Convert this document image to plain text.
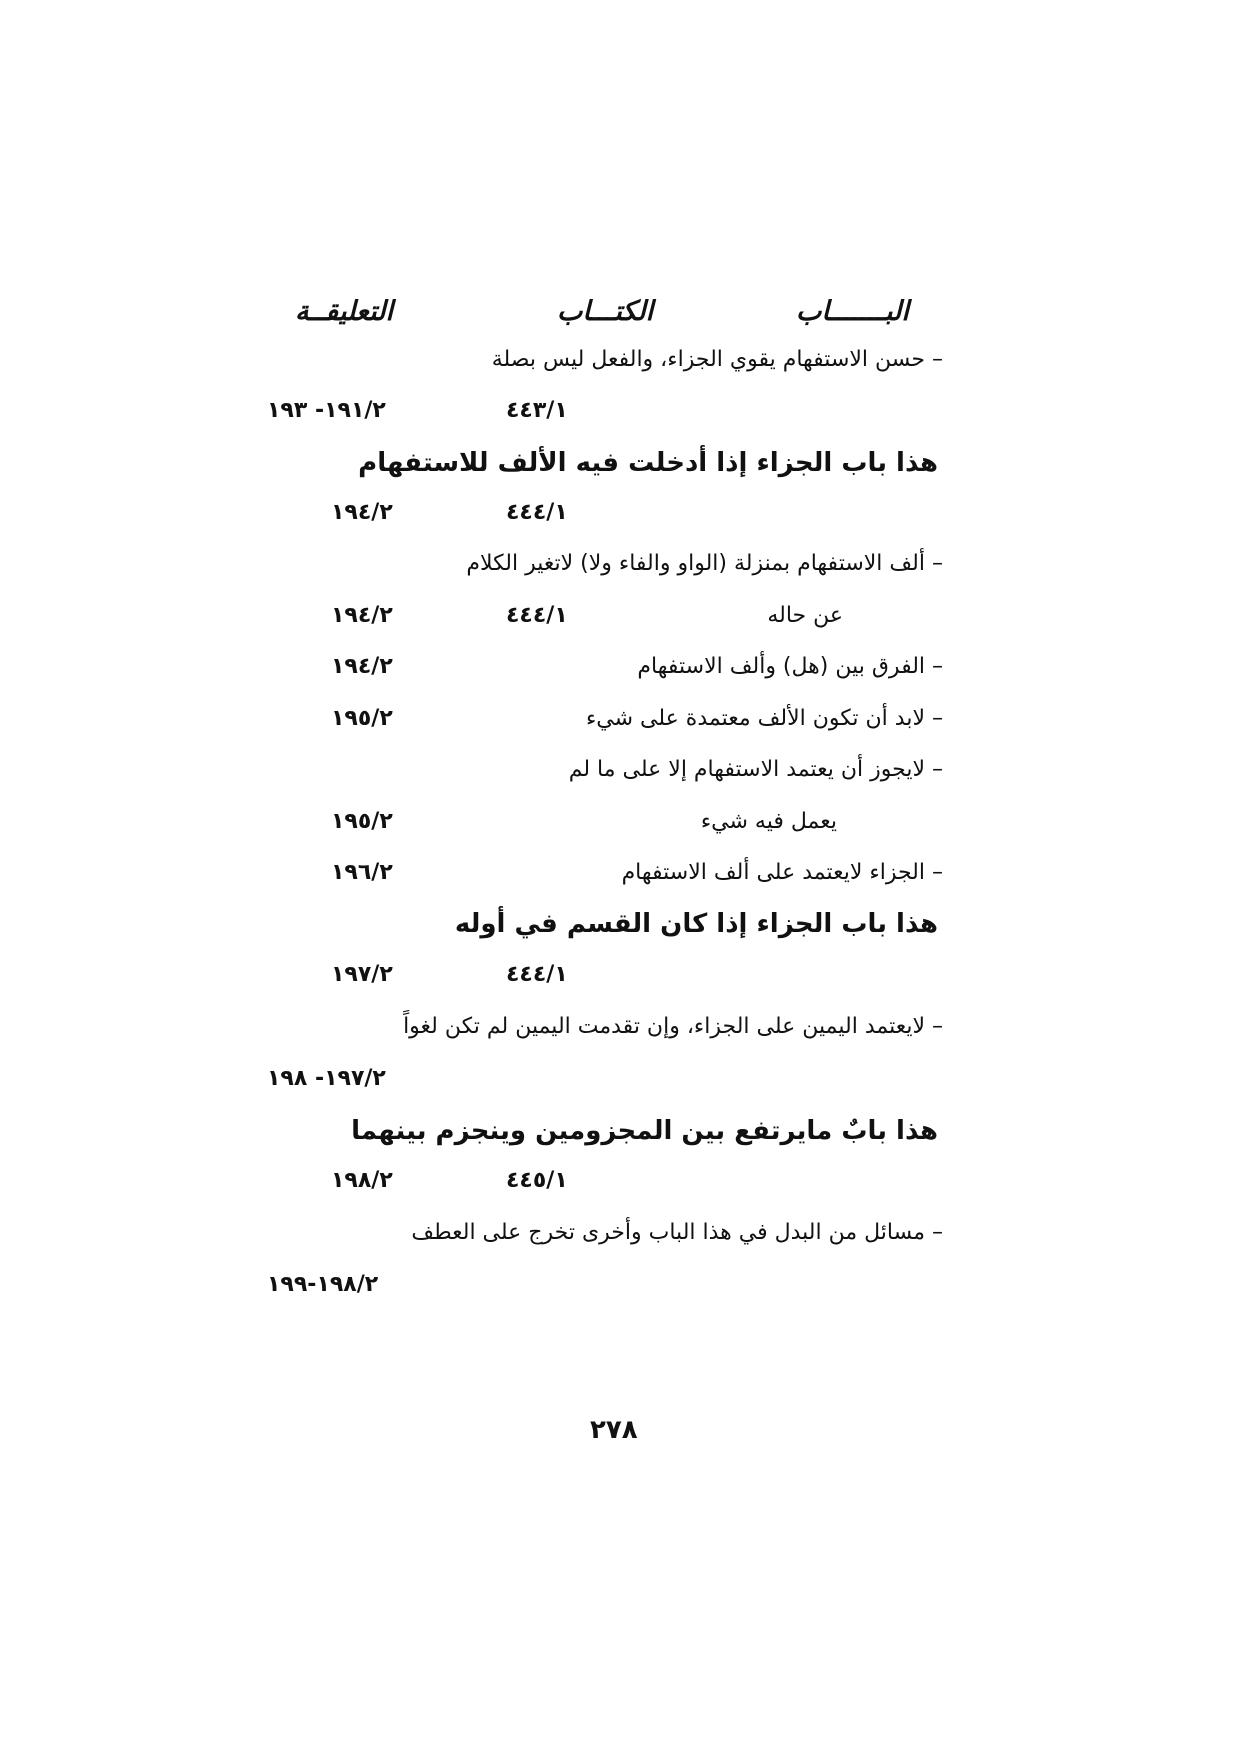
البـــــــاب
الكتـــاب
التعليقــة
– حسن الاستفهام يقوي الجزاء، والفعل ليس بصلة
٤٤٣/١
١٩١/٢- ١٩٣
هذا باب الجزاء إذا أدخلت فيه الألف للاستفهام
٤٤٤/١
١٩٤/٢
– ألف الاستفهام بمنزلة (الواو والفاء ولا) لاتغير الكلام
عن حاله
٤٤٤/١
١٩٤/٢
– الفرق بين (هل) وألف الاستفهام
١٩٤/٢
– لابد أن تكون الألف معتمدة على شيء
١٩٥/٢
– لايجوز أن يعتمد الاستفهام إلا على ما لم
يعمل فيه شيء
١٩٥/٢
– الجزاء لايعتمد على ألف الاستفهام
١٩٦/٢
هذا باب الجزاء إذا كان القسم في أوله
٤٤٤/١
١٩٧/٢
– لايعتمد اليمين على الجزاء، وإن تقدمت اليمين لم تكن لغواً
١٩٧/٢- ١٩٨
هذا بابٌ مايرتفع بين المجزومين وينجزم بينهما
٤٤٥/١
١٩٨/٢
– مسائل من البدل في هذا الباب وأخرى تخرج على العطف
١٩٨/٢-١٩٩
٢٧٨
